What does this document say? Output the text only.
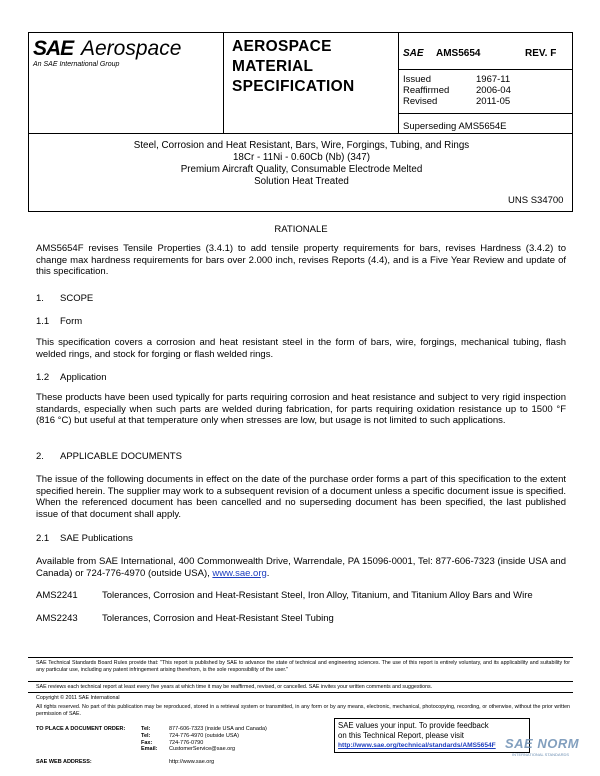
SAE Aerospace
An SAE International Group
AEROSPACE
MATERIAL
SPECIFICATION
SAE AMS5654	REV. F
Issued	1967-11
Reaffirmed	2006-04
Revised	2011-05
Superseding AMS5654E
Steel, Corrosion and Heat Resistant, Bars, Wire, Forgings, Tubing, and Rings
18Cr - 11Ni - 0.60Cb (Nb) (347)
Premium Aircraft Quality, Consumable Electrode Melted
Solution Heat Treated
UNS S34700
RATIONALE
AMS5654F revises Tensile Properties (3.4.1) to add tensile property requirements for bars, revises Hardness (3.4.2) to change max hardness requirements for bars over 2.000 inch, revises Reports (4.4), and is a Five Year Review and update of this specification.
1. SCOPE
1.1 Form
This specification covers a corrosion and heat resistant steel in the form of bars, wire, forgings, mechanical tubing, flash welded rings, and stock for forging or flash welded rings.
1.2 Application
These products have been used typically for parts requiring corrosion and heat resistance and subject to very rigid inspection standards, especially when such parts are welded during fabrication, for parts requiring oxidation resistance up to 1500 °F (816 °C) but useful at that temperature only when stresses are low, but usage is not limited to such applications.
2. APPLICABLE DOCUMENTS
The issue of the following documents in effect on the date of the purchase order forms a part of this specification to the extent specified herein. The supplier may work to a subsequent revision of a document unless a specific document issue is specified. When the referenced document has been cancelled and no superseding document has been specified, the last published issue of that document shall apply.
2.1 SAE Publications
Available from SAE International, 400 Commonwealth Drive, Warrendale, PA 15096-0001, Tel: 877-606-7323 (inside USA and Canada) or 724-776-4970 (outside USA), www.sae.org.
AMS2241	Tolerances, Corrosion and Heat-Resistant Steel, Iron Alloy, Titanium, and Titanium Alloy Bars and Wire
AMS2243	Tolerances, Corrosion and Heat-Resistant Steel Tubing
SAE Technical Standards Board Rules provide that: "This report is published by SAE to advance the state of technical and engineering sciences. The use of this report is entirely voluntary, and its applicability and suitability for any particular use, including any patent infringement arising therefrom, is the sole responsibility of the user."
SAE reviews each technical report at least every five years at which time it may be reaffirmed, revised, or cancelled. SAE invites your written comments and suggestions.
Copyright © 2011 SAE International
All rights reserved. No part of this publication may be reproduced, stored in a retrieval system or transmitted, in any form or by any means, electronic, mechanical, photocopying, recording, or otherwise, without the prior written permission of SAE.
TO PLACE A DOCUMENT ORDER:	Tel:	877-606-7323 (inside USA and Canada)
Tel:	724-776-4970 (outside USA)
Fax:	724-776-0790
Email:	CustomerService@sae.org
SAE WEB ADDRESS:	http://www.sae.org
SAE values your input. To provide feedback
on this Technical Report, please visit
http://www.sae.org/technical/standards/AMS5654F SAE NORM
INTERNATIONAL STANDARDS
